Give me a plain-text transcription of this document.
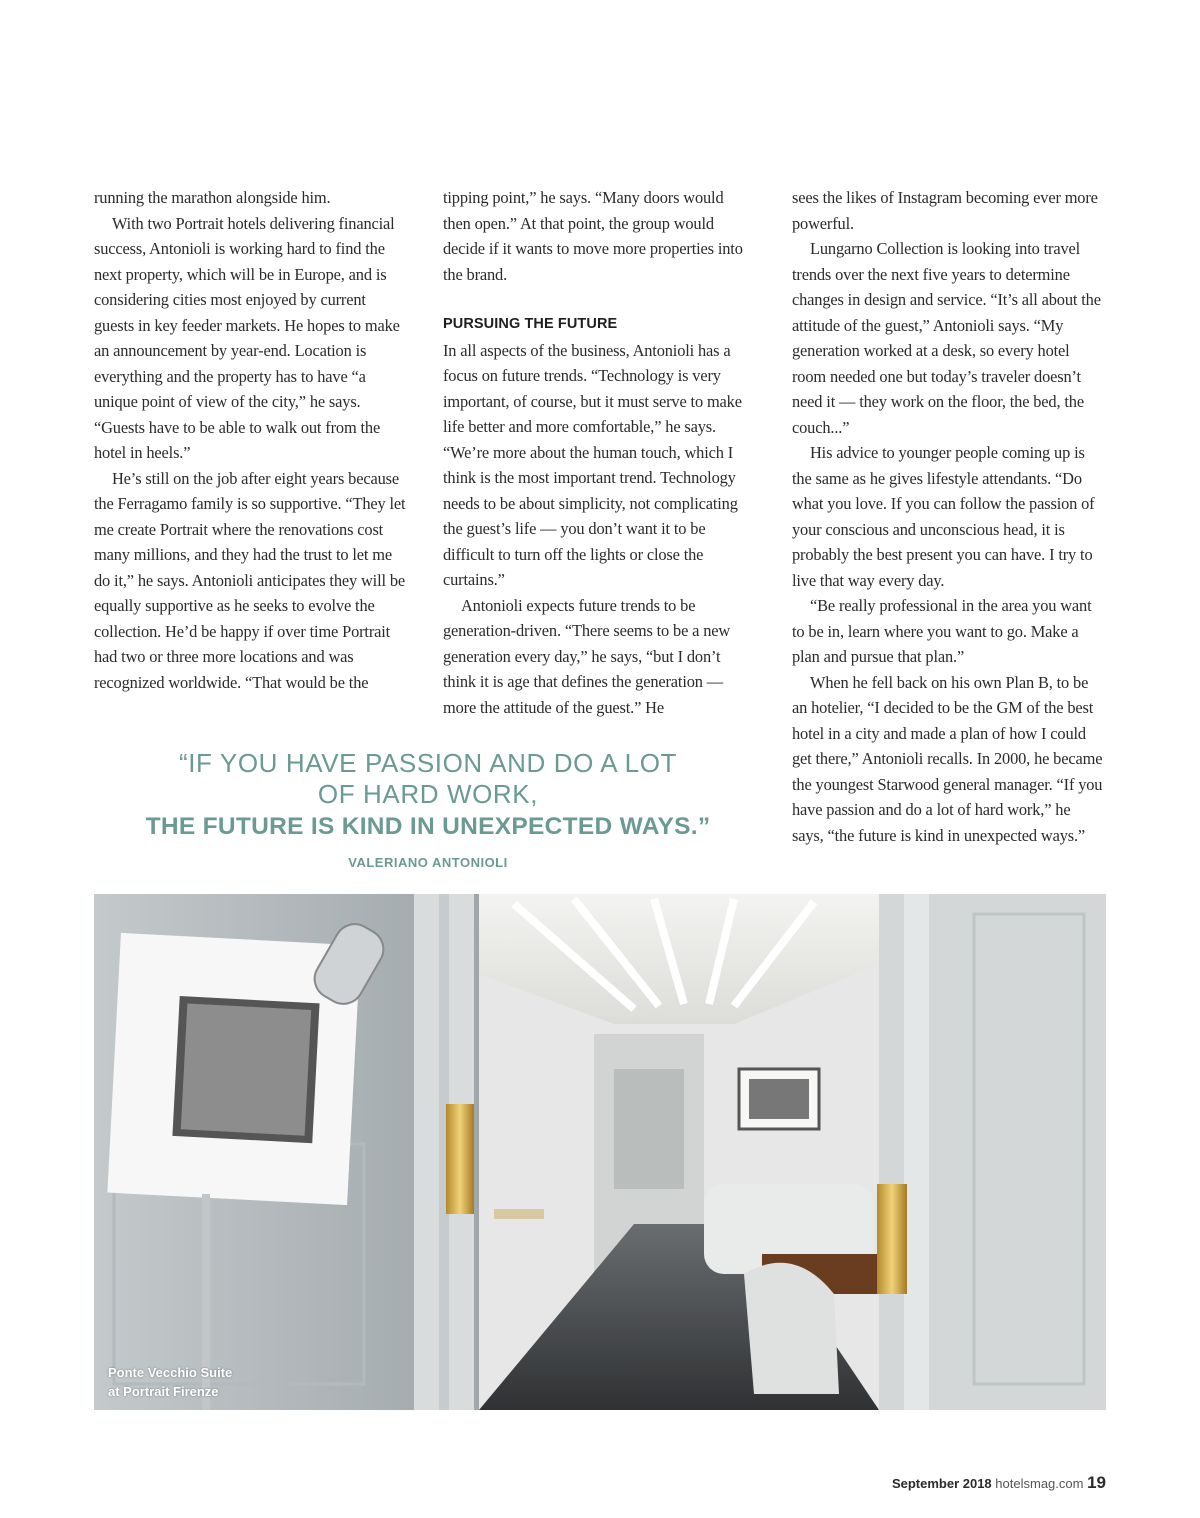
running the marathon alongside him.

With two Portrait hotels delivering financial success, Antonioli is working hard to find the next property, which will be in Europe, and is considering cities most enjoyed by current guests in key feeder markets. He hopes to make an announcement by year-end. Location is everything and the property has to have “a unique point of view of the city,” he says. “Guests have to be able to walk out from the hotel in heels.”

He’s still on the job after eight years because the Ferragamo family is so supportive. “They let me create Portrait where the renovations cost many millions, and they had the trust to let me do it,” he says. Antonioli anticipates they will be equally supportive as he seeks to evolve the collection. He’d be happy if over time Portrait had two or three more locations and was recognized worldwide. “That would be the

tipping point,” he says. “Many doors would then open.” At that point, the group would decide if it wants to move more properties into the brand.

PURSUING THE FUTURE

In all aspects of the business, Antonioli has a focus on future trends. “Technology is very important, of course, but it must serve to make life better and more comfortable,” he says. “We’re more about the human touch, which I think is the most important trend. Technology needs to be about simplicity, not complicating the guest’s life — you don’t want it to be difficult to turn off the lights or close the curtains.”

Antonioli expects future trends to be generation-driven. “There seems to be a new generation every day,” he says, “but I don’t think it is age that defines the generation — more the attitude of the guest.” He

sees the likes of Instagram becoming ever more powerful.

Lungarno Collection is looking into travel trends over the next five years to determine changes in design and service. “It’s all about the attitude of the guest,” Antonioli says. “My generation worked at a desk, so every hotel room needed one but today’s traveler doesn’t need it — they work on the floor, the bed, the couch...”

His advice to younger people coming up is the same as he gives lifestyle attendants. “Do what you love. If you can follow the passion of your conscious and unconscious head, it is probably the best present you can have. I try to live that way every day.

“Be really professional in the area you want to be in, learn where you want to go. Make a plan and pursue that plan.”

When he fell back on his own Plan B, to be an hotelier, “I decided to be the GM of the best hotel in a city and made a plan of how I could get there,” Antonioli recalls. In 2000, he became the youngest Starwood general manager. “If you have passion and do a lot of hard work,” he says, “the future is kind in unexpected ways.”

“IF YOU HAVE PASSION AND DO A LOT
OF HARD WORK,
THE FUTURE IS KIND IN UNEXPECTED WAYS.”
VALERIANO ANTONIOLI
Ponte Vecchio Suite
at Portrait Firenze
September 2018 hotelsmag.com 19
